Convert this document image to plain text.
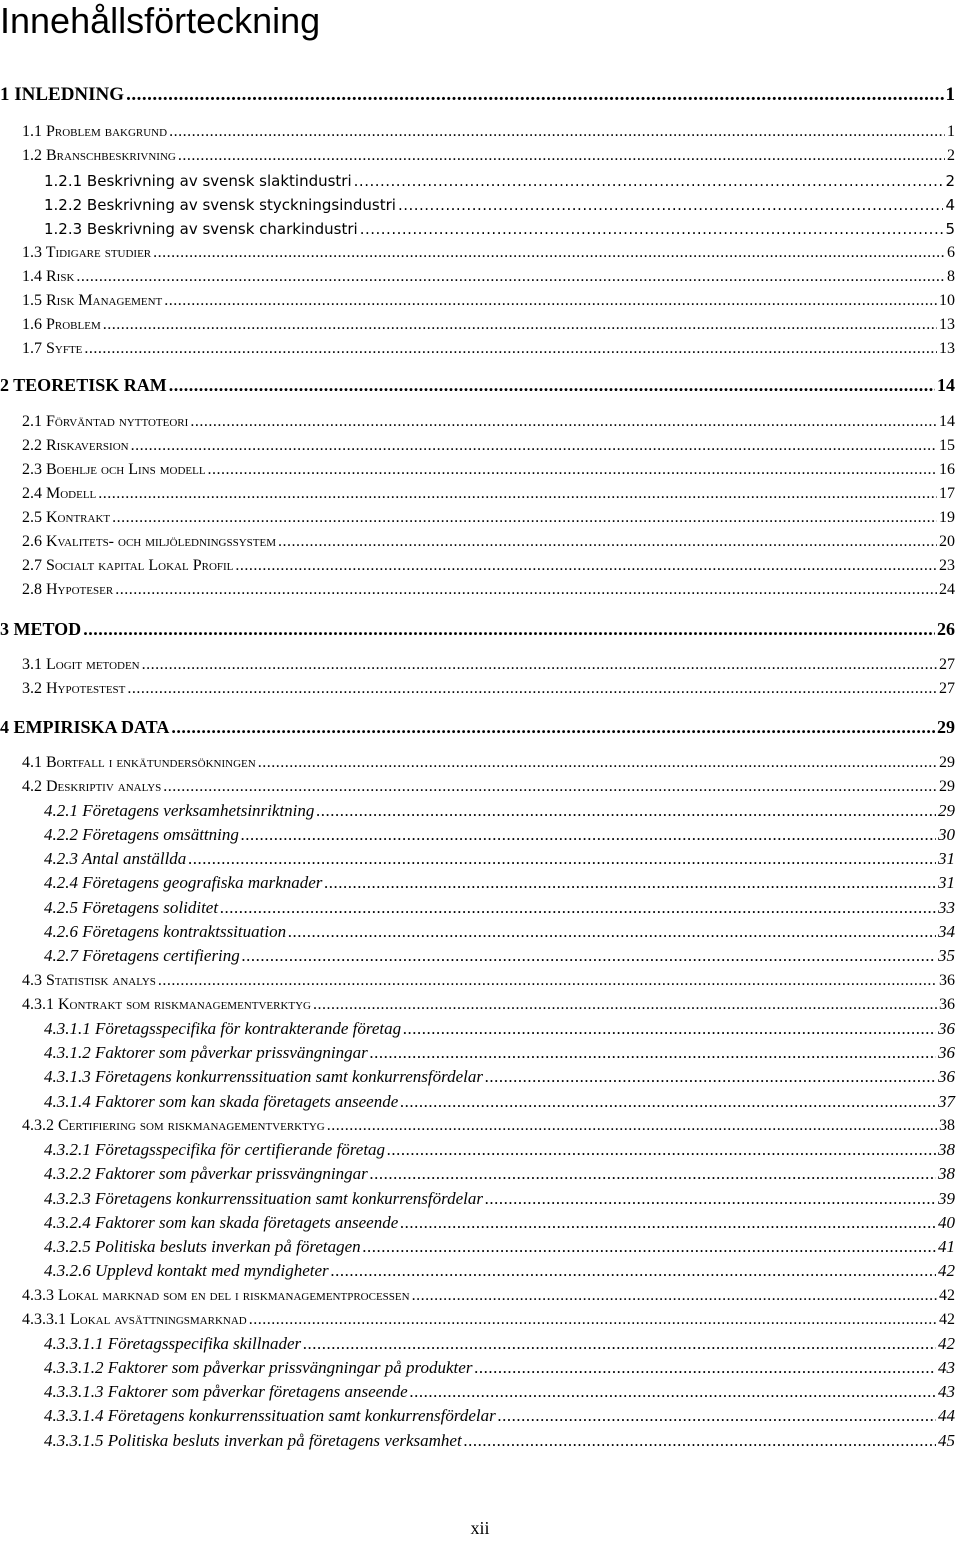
Innehållsförteckning
1 INLEDNING .....	1
1.1 Problem bakgrund .....	1
1.2 Branschbeskrivning .....	2
1.2.1 Beskrivning av svensk slaktindustri .....	2
1.2.2 Beskrivning av svensk styckningsindustri .....	4
1.2.3 Beskrivning av svensk charkindustri .....	5
1.3 Tidigare studier .....	6
1.4 Risk .....	8
1.5 Risk Management .....	10
1.6 Problem .....	13
1.7 Syfte .....	13
2 TEORETISK RAM .....	14
2.1 Förväntad nyttoteori .....	14
2.2 Riskaversion .....	15
2.3 Boehlje och Lins modell .....	16
2.4 Modell .....	17
2.5 Kontrakt .....	19
2.6 Kvalitets- och miljöledningssystem .....	20
2.7 Socialt kapital Lokal Profil .....	23
2.8 Hypoteser .....	24
3 METOD .....	26
3.1 Logit metoden .....	27
3.2 Hypotestest .....	27
4 EMPIRISKA DATA .....	29
4.1 Bortfall i enkätundersökningen .....	29
4.2 Deskriptiv analys .....	29
4.2.1 Företagens verksamhetsinriktning .....	29
4.2.2 Företagens omsättning .....	30
4.2.3 Antal anställda .....	31
4.2.4 Företagens geografiska marknader .....	31
4.2.5 Företagens soliditet .....	33
4.2.6 Företagens kontraktssituation .....	34
4.2.7 Företagens certifiering .....	35
4.3 Statistisk analys .....	36
4.3.1 Kontrakt som riskmanagementverktyg .....	36
4.3.1.1 Företagsspecifika för kontrakterande företag .....	36
4.3.1.2 Faktorer som påverkar prissvängningar .....	36
4.3.1.3 Företagens konkurrenssituation samt konkurrensfördelar .....	36
4.3.1.4 Faktorer som kan skada företagets anseende .....	37
4.3.2 Certifiering som riskmanagementverktyg .....	38
4.3.2.1 Företagsspecifika för certifierande företag .....	38
4.3.2.2 Faktorer som påverkar prissvängningar .....	38
4.3.2.3 Företagens konkurrenssituation samt konkurrensfördelar .....	39
4.3.2.4 Faktorer som kan skada företagets anseende .....	40
4.3.2.5 Politiska besluts inverkan på företagen .....	41
4.3.2.6 Upplevd kontakt med myndigheter .....	42
4.3.3 Lokal marknad som en del i riskmanagementprocessen .....	42
4.3.3.1 Lokal avsättningsmarknad .....	42
4.3.3.1.1 Företagsspecifika skillnader .....	42
4.3.3.1.2 Faktorer som påverkar prissvängningar på produkter .....	43
4.3.3.1.3 Faktorer som påverkar företagens anseende .....	43
4.3.3.1.4 Företagens konkurrenssituation samt konkurrensfördelar .....	44
4.3.3.1.5 Politiska besluts inverkan på företagens verksamhet .....	45
xii
